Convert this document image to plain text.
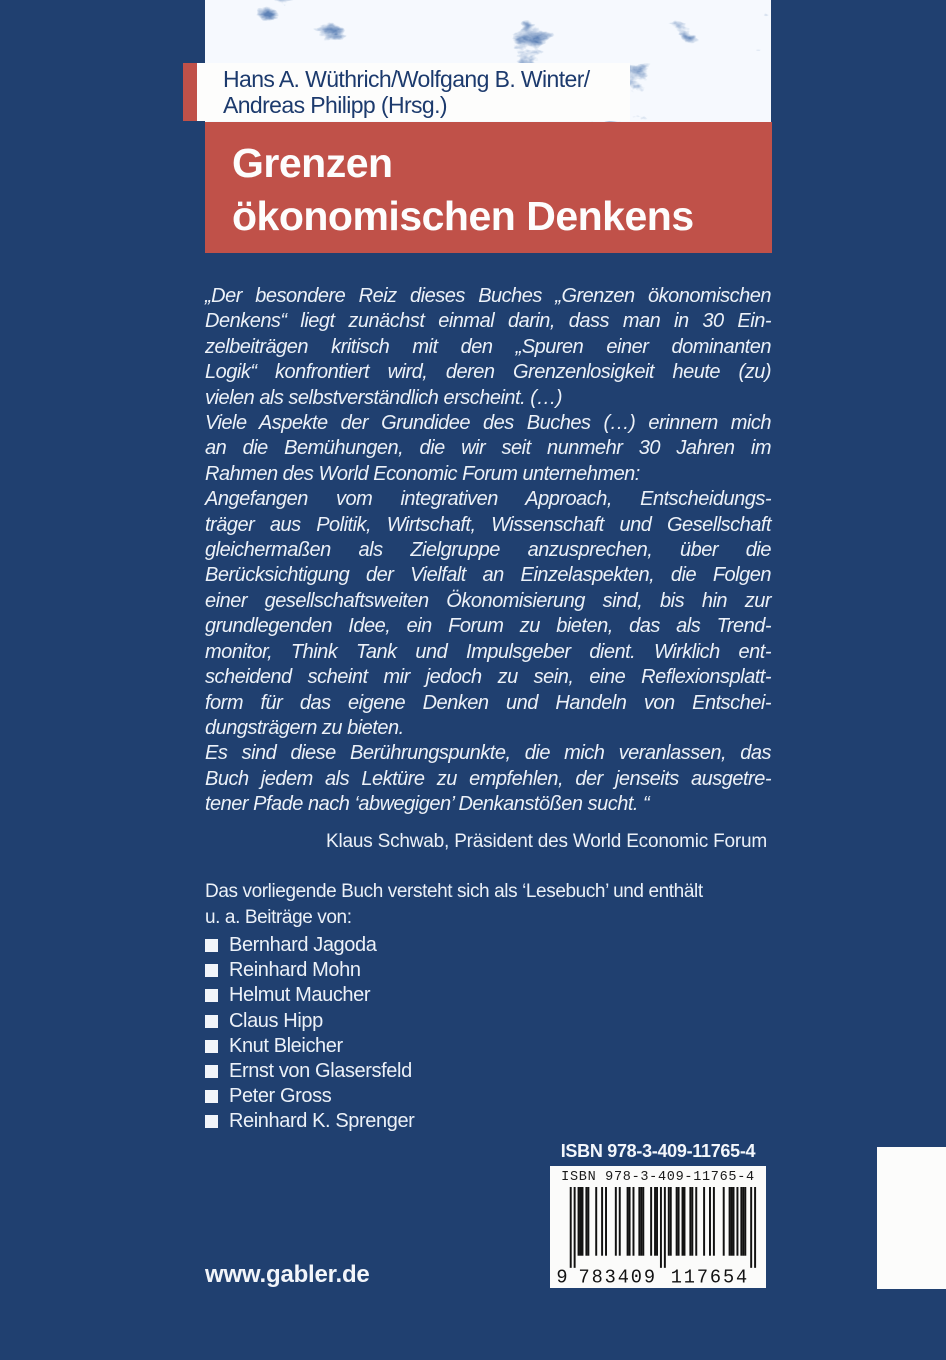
Hans A. Wüthrich/Wolfgang B. Winter/
Andreas Philipp (Hrsg.)
Grenzen
ökonomischen Denkens
„Der besondere Reiz dieses Buches „Grenzen ökonomischen
Denkens“ liegt zunächst einmal darin, dass man in 30 Ein-
zelbeiträgen kritisch mit den „Spuren einer dominanten
Logik“ konfrontiert wird, deren Grenzenlosigkeit heute (zu)
vielen als selbstverständlich erscheint. (…)
Viele Aspekte der Grundidee des Buches (…) erinnern mich
an die Bemühungen, die wir seit nunmehr 30 Jahren im
Rahmen des World Economic Forum unternehmen:
Angefangen vom integrativen Approach, Entscheidungs-
träger aus Politik, Wirtschaft, Wissenschaft und Gesellschaft
gleichermaßen als Zielgruppe anzusprechen, über die
Berücksichtigung der Vielfalt an Einzelaspekten, die Folgen
einer gesellschaftsweiten Ökonomisierung sind, bis hin zur
grundlegenden Idee, ein Forum zu bieten, das als Trend-
monitor, Think Tank und Impulsgeber dient. Wirklich ent-
scheidend scheint mir jedoch zu sein, eine Reflexionsplatt-
form für das eigene Denken und Handeln von Entschei-
dungsträgern zu bieten.
Es sind diese Berührungspunkte, die mich veranlassen, das
Buch jedem als Lektüre zu empfehlen, der jenseits ausgetre-
tener Pfade nach ‘abwegigen’ Denkanstößen sucht. “
Klaus Schwab, Präsident des World Economic Forum
Das vorliegende Buch versteht sich als ‘Lesebuch’ und enthält
u. a. Beiträge von:
Bernhard Jagoda
Reinhard Mohn
Helmut Maucher
Claus Hipp
Knut Bleicher
Ernst von Glasersfeld
Peter Gross
Reinhard K. Sprenger
ISBN 978-3-409-11765-4
ISBN 978-3-409-11765-4
9 783409 117654
www.gabler.de
